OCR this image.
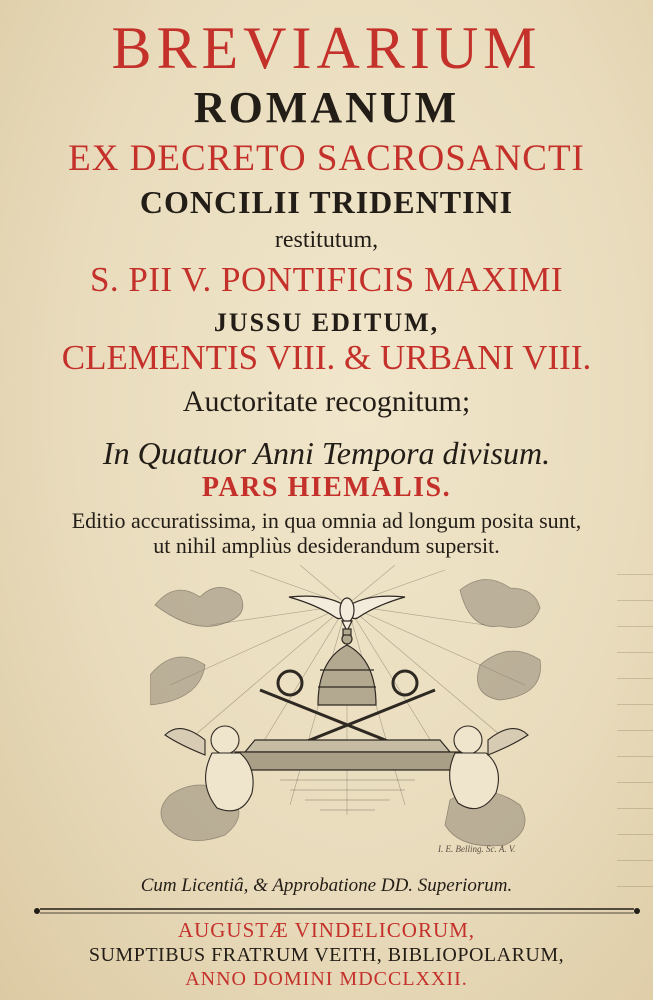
BREVIARIUM
ROMANUM
EX DECRETO SACROSANCTI
CONCILII TRIDENTINI
restitutum,
S. PII V. PONTIFICIS MAXIMI
JUSSU EDITUM,
CLEMENTIS VIII. & URBANI VIII.
Auctoritate recognitum;
In Quatuor Anni Tempora divisum.
PARS HIEMALIS.
Editio accuratissima, in qua omnia ad longum posita sunt,
ut nihil ampliùs desiderandum supersit.
I. E. Belling. Sc. A. V.
Cum Licentiâ, & Approbatione DD. Superiorum.
AUGUSTÆ VINDELICORUM,
SUMPTIBUS FRATRUM VEITH, BIBLIOPOLARUM,
ANNO DOMINI MDCCLXXII.
